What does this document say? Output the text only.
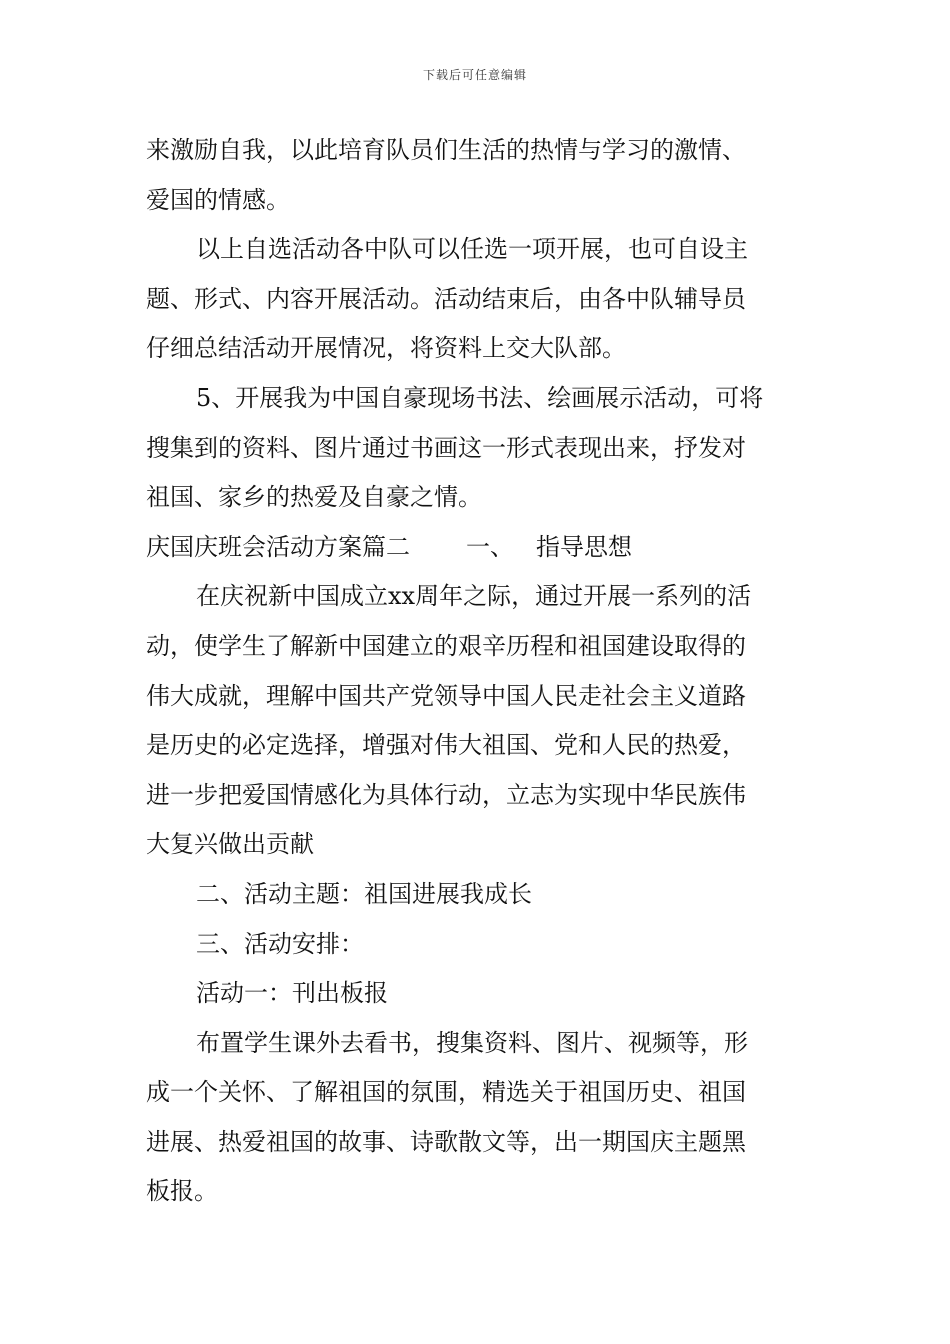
下载后可任意编辑
来激励自我，以此培育队员们生活的热情与学习的激情、
爱国的情感。
以上自选活动各中队可以任选一项开展，也可自设主
题、形式、内容开展活动。活动结束后，由各中队辅导员
仔细总结活动开展情况，将资料上交大队部。
5、开展我为中国自豪现场书法、绘画展示活动，可将
搜集到的资料、图片通过书画这一形式表现出来，抒发对
祖国、家乡的热爱及自豪之情。
庆国庆班会活动方案篇二 一、 指导思想
在庆祝新中国成立xx周年之际，通过开展一系列的活
动，使学生了解新中国建立的艰辛历程和祖国建设取得的
伟大成就，理解中国共产党领导中国人民走社会主义道路
是历史的必定选择，增强对伟大祖国、党和人民的热爱，
进一步把爱国情感化为具体行动，立志为实现中华民族伟
大复兴做出贡献
二、活动主题：祖国进展我成长
三、活动安排：
活动一：刊出板报
布置学生课外去看书，搜集资料、图片、视频等，形
成一个关怀、了解祖国的氛围，精选关于祖国历史、祖国
进展、热爱祖国的故事、诗歌散文等，出一期国庆主题黑
板报。
